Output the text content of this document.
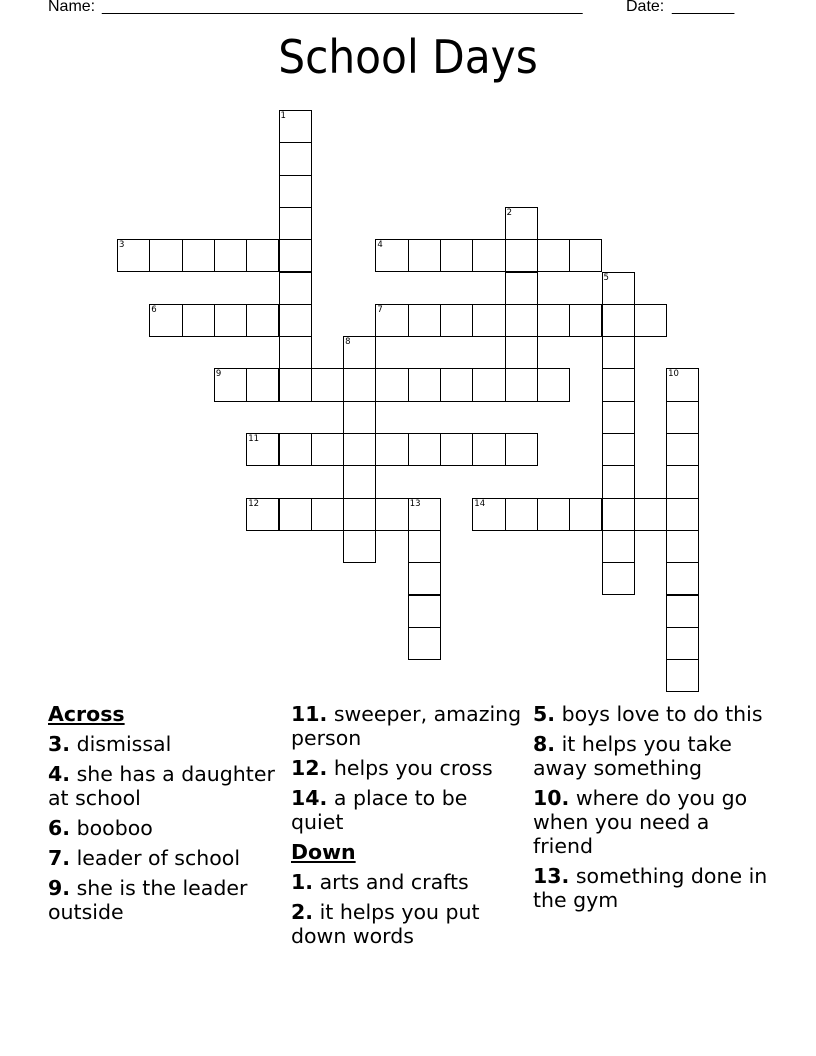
Name: ______________________________________________________	Date: _______
School Days
1
2
3	4
5
6	7
8
9	10
11
12	13	14
Across
3. dismissal
4. she has a daughter at school
6. booboo
7. leader of school
9. she is the leader outside
11. sweeper, amazing person
12. helps you cross
14. a place to be quiet
Down
1. arts and crafts
2. it helps you put down words
5. boys love to do this
8. it helps you take away something
10. where do you go when you need a friend
13. something done in the gym
